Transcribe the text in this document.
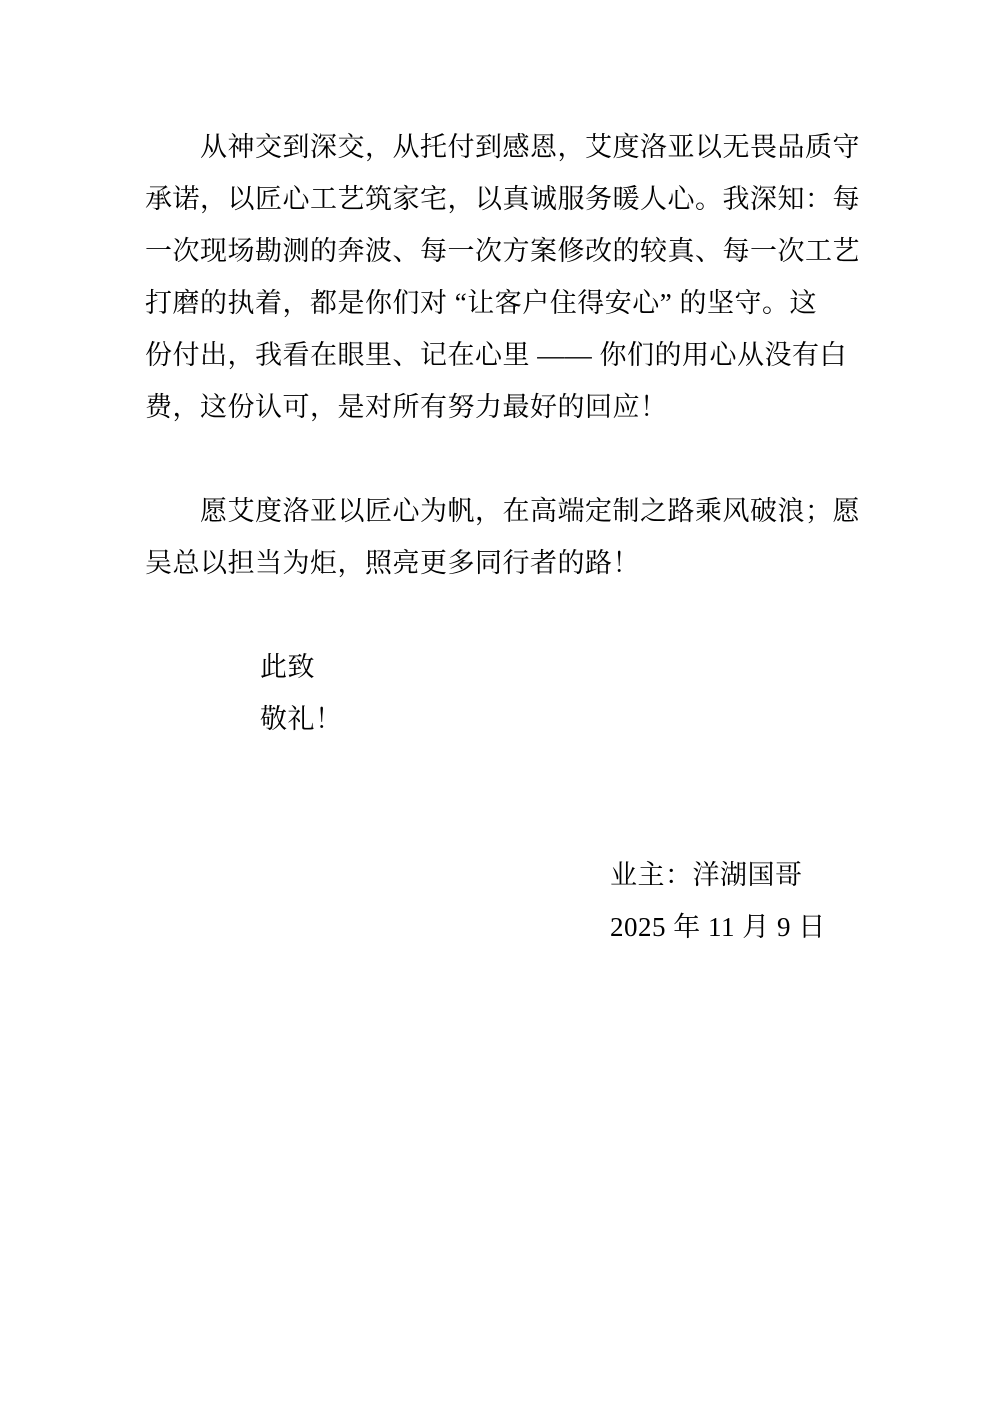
从神交到深交，从托付到感恩，艾度洛亚以无畏品质守
承诺，以匠心工艺筑家宅，以真诚服务暖人心。我深知：每
一次现场勘测的奔波、每一次方案修改的较真、每一次工艺
打磨的执着，都是你们对 “让客户住得安心” 的坚守。这
份付出，我看在眼里、记在心里 —— 你们的用心从没有白
费，这份认可，是对所有努力最好的回应！
愿艾度洛亚以匠心为帆，在高端定制之路乘风破浪；愿
吴总以担当为炬，照亮更多同行者的路！
此致
敬礼！
业主：洋湖国哥
2025 年 11 月 9 日
